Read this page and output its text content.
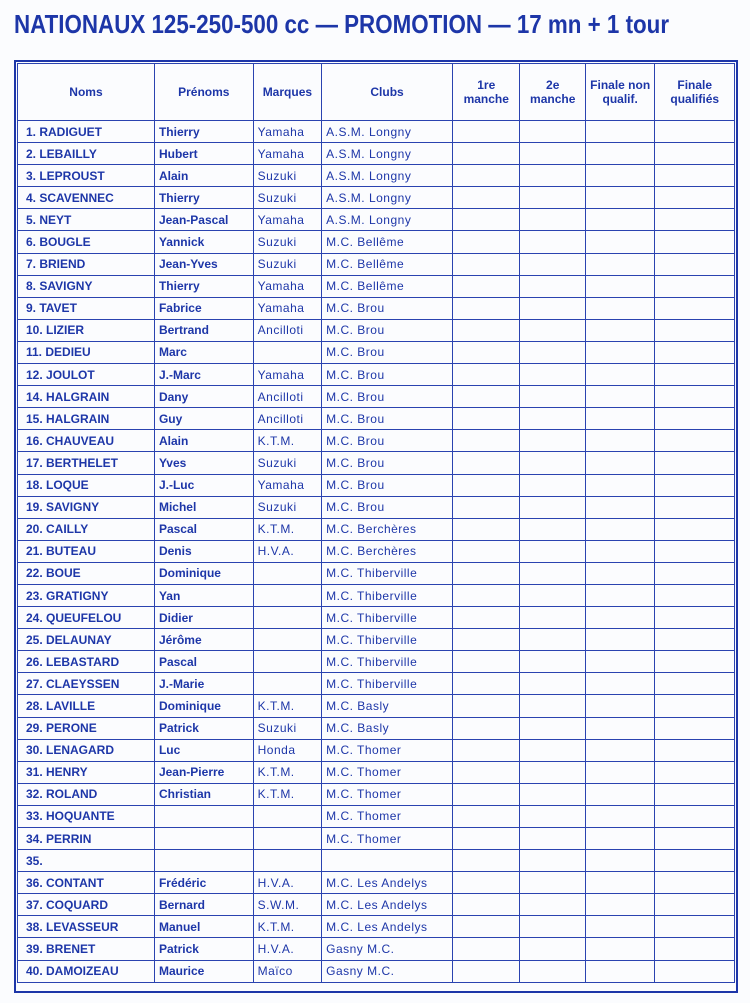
NATIONAUX 125-250-500 cc — PROMOTION — 17 mn + 1 tour
Noms	Prénoms	Marques	Clubs	1re manche	2e manche	Finale non qualif.	Finale qualifiés
1. RADIGUET	Thierry	Yamaha	A.S.M. Longny				
2. LEBAILLY	Hubert	Yamaha	A.S.M. Longny				
3. LEPROUST	Alain	Suzuki	A.S.M. Longny				
4. SCAVENNEC	Thierry	Suzuki	A.S.M. Longny				
5. NEYT	Jean-Pascal	Yamaha	A.S.M. Longny				
6. BOUGLE	Yannick	Suzuki	M.C. Bellême				
7. BRIEND	Jean-Yves	Suzuki	M.C. Bellême				
8. SAVIGNY	Thierry	Yamaha	M.C. Bellême				
9. TAVET	Fabrice	Yamaha	M.C. Brou				
10. LIZIER	Bertrand	Ancilloti	M.C. Brou				
11. DEDIEU	Marc		M.C. Brou				
12. JOULOT	J.-Marc	Yamaha	M.C. Brou				
14. HALGRAIN	Dany	Ancilloti	M.C. Brou				
15. HALGRAIN	Guy	Ancilloti	M.C. Brou				
16. CHAUVEAU	Alain	K.T.M.	M.C. Brou				
17. BERTHELET	Yves	Suzuki	M.C. Brou				
18. LOQUE	J.-Luc	Yamaha	M.C. Brou				
19. SAVIGNY	Michel	Suzuki	M.C. Brou				
20. CAILLY	Pascal	K.T.M.	M.C. Berchères				
21. BUTEAU	Denis	H.V.A.	M.C. Berchères				
22. BOUE	Dominique		M.C. Thiberville				
23. GRATIGNY	Yan		M.C. Thiberville				
24. QUEUFELOU	Didier		M.C. Thiberville				
25. DELAUNAY	Jérôme		M.C. Thiberville				
26. LEBASTARD	Pascal		M.C. Thiberville				
27. CLAEYSSEN	J.-Marie		M.C. Thiberville				
28. LAVILLE	Dominique	K.T.M.	M.C. Basly				
29. PERONE	Patrick	Suzuki	M.C. Basly				
30. LENAGARD	Luc	Honda	M.C. Thomer				
31. HENRY	Jean-Pierre	K.T.M.	M.C. Thomer				
32. ROLAND	Christian	K.T.M.	M.C. Thomer				
33. HOQUANTE			M.C. Thomer				
34. PERRIN			M.C. Thomer				
35.							
36. CONTANT	Frédéric	H.V.A.	M.C. Les Andelys				
37. COQUARD	Bernard	S.W.M.	M.C. Les Andelys				
38. LEVASSEUR	Manuel	K.T.M.	M.C. Les Andelys				
39. BRENET	Patrick	H.V.A.	Gasny M.C.				
40. DAMOIZEAU	Maurice	Maïco	Gasny M.C.				
